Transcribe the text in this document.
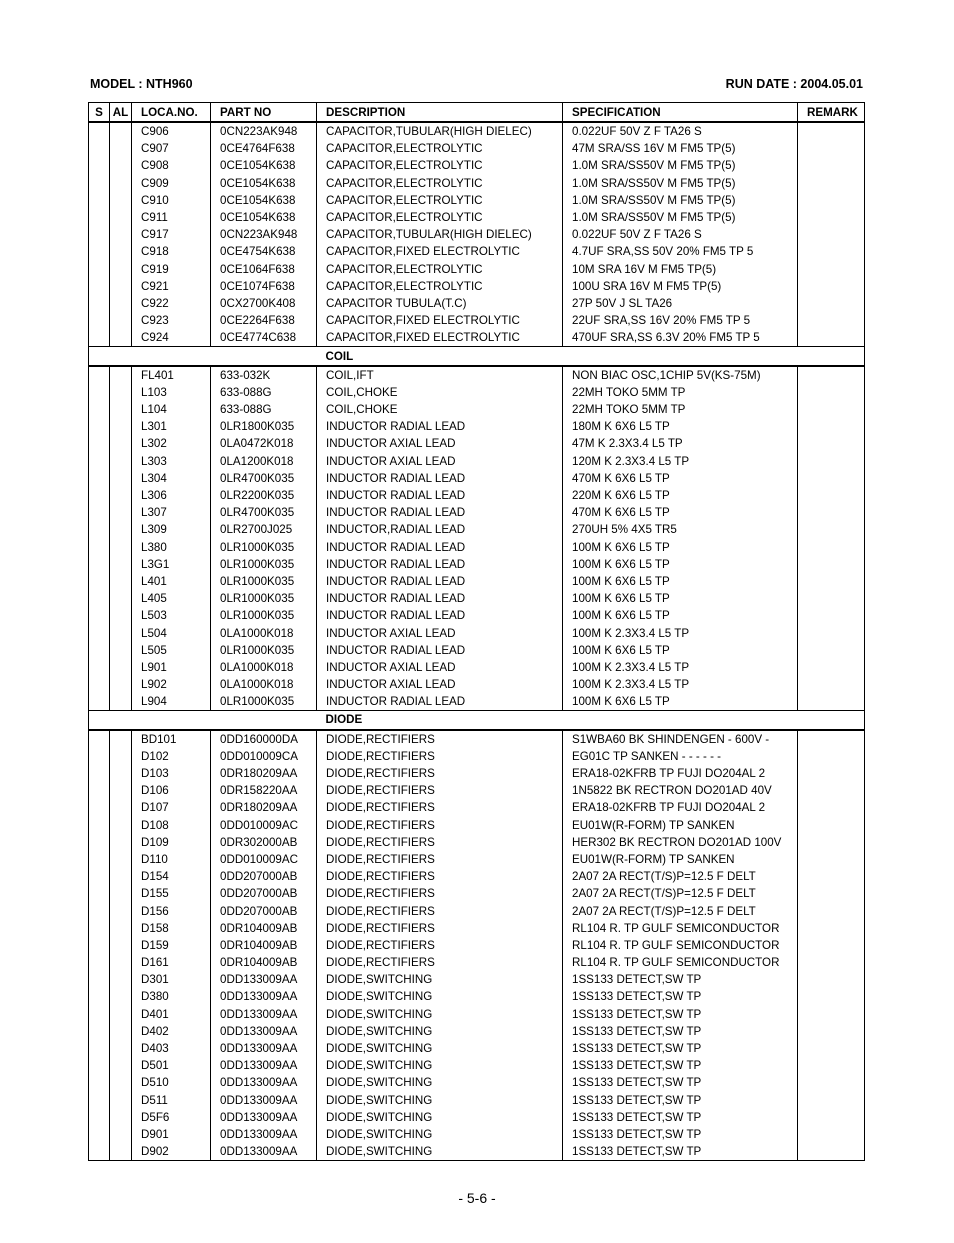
MODEL : NTH960	RUN DATE : 2004.05.01
S	AL	LOCA.NO.	PART NO	DESCRIPTION	SPECIFICATION	REMARK
		C906	0CN223AK948	CAPACITOR,TUBULAR(HIGH DIELEC)	0.022UF 50V Z F TA26 S	
		C907	0CE4764F638	CAPACITOR,ELECTROLYTIC	47M SRA/SS 16V M FM5 TP(5)	
		C908	0CE1054K638	CAPACITOR,ELECTROLYTIC	1.0M SRA/SS50V M FM5 TP(5)	
		C909	0CE1054K638	CAPACITOR,ELECTROLYTIC	1.0M SRA/SS50V M FM5 TP(5)	
		C910	0CE1054K638	CAPACITOR,ELECTROLYTIC	1.0M SRA/SS50V M FM5 TP(5)	
		C911	0CE1054K638	CAPACITOR,ELECTROLYTIC	1.0M SRA/SS50V M FM5 TP(5)	
		C917	0CN223AK948	CAPACITOR,TUBULAR(HIGH DIELEC)	0.022UF 50V Z F TA26 S	
		C918	0CE4754K638	CAPACITOR,FIXED ELECTROLYTIC	4.7UF SRA,SS 50V 20% FM5 TP 5	
		C919	0CE1064F638	CAPACITOR,ELECTROLYTIC	10M SRA 16V M FM5 TP(5)	
		C921	0CE1074F638	CAPACITOR,ELECTROLYTIC	100U SRA 16V M FM5 TP(5)	
		C922	0CX2700K408	CAPACITOR TUBULA(T.C)	27P 50V J SL TA26	
		C923	0CE2264F638	CAPACITOR,FIXED ELECTROLYTIC	22UF SRA,SS 16V 20% FM5 TP 5	
		C924	0CE4774C638	CAPACITOR,FIXED ELECTROLYTIC	470UF SRA,SS 6.3V 20% FM5 TP 5	
				COIL		
		FL401	633-032K	COIL,IFT	NON BIAC OSC,1CHIP 5V(KS-75M)	
		L103	633-088G	COIL,CHOKE	22MH TOKO 5MM TP	
		L104	633-088G	COIL,CHOKE	22MH TOKO 5MM TP	
		L301	0LR1800K035	INDUCTOR RADIAL LEAD	180M K 6X6 L5 TP	
		L302	0LA0472K018	INDUCTOR AXIAL LEAD	47M K 2.3X3.4 L5 TP	
		L303	0LA1200K018	INDUCTOR AXIAL LEAD	120M K 2.3X3.4 L5 TP	
		L304	0LR4700K035	INDUCTOR RADIAL LEAD	470M K 6X6 L5 TP	
		L306	0LR2200K035	INDUCTOR RADIAL LEAD	220M K 6X6 L5 TP	
		L307	0LR4700K035	INDUCTOR RADIAL LEAD	470M K 6X6 L5 TP	
		L309	0LR2700J025	INDUCTOR,RADIAL LEAD	270UH 5% 4X5 TR5	
		L380	0LR1000K035	INDUCTOR RADIAL LEAD	100M K 6X6 L5 TP	
		L3G1	0LR1000K035	INDUCTOR RADIAL LEAD	100M K 6X6 L5 TP	
		L401	0LR1000K035	INDUCTOR RADIAL LEAD	100M K 6X6 L5 TP	
		L405	0LR1000K035	INDUCTOR RADIAL LEAD	100M K 6X6 L5 TP	
		L503	0LR1000K035	INDUCTOR RADIAL LEAD	100M K 6X6 L5 TP	
		L504	0LA1000K018	INDUCTOR AXIAL LEAD	100M K 2.3X3.4 L5 TP	
		L505	0LR1000K035	INDUCTOR RADIAL LEAD	100M K 6X6 L5 TP	
		L901	0LA1000K018	INDUCTOR AXIAL LEAD	100M K 2.3X3.4 L5 TP	
		L902	0LA1000K018	INDUCTOR AXIAL LEAD	100M K 2.3X3.4 L5 TP	
		L904	0LR1000K035	INDUCTOR RADIAL LEAD	100M K 6X6 L5 TP	
				DIODE		
		BD101	0DD160000DA	DIODE,RECTIFIERS	S1WBA60 BK SHINDENGEN - 600V -	
		D102	0DD010009CA	DIODE,RECTIFIERS	EG01C TP SANKEN - - - - - -	
		D103	0DR180209AA	DIODE,RECTIFIERS	ERA18-02KFRB TP FUJI DO204AL 2	
		D106	0DR158220AA	DIODE,RECTIFIERS	1N5822 BK RECTRON DO201AD 40V	
		D107	0DR180209AA	DIODE,RECTIFIERS	ERA18-02KFRB TP FUJI DO204AL 2	
		D108	0DD010009AC	DIODE,RECTIFIERS	EU01W(R-FORM) TP SANKEN	
		D109	0DR302000AB	DIODE,RECTIFIERS	HER302 BK RECTRON DO201AD 100V	
		D110	0DD010009AC	DIODE,RECTIFIERS	EU01W(R-FORM) TP SANKEN	
		D154	0DD207000AB	DIODE,RECTIFIERS	2A07 2A RECT(T/S)P=12.5 F DELT	
		D155	0DD207000AB	DIODE,RECTIFIERS	2A07 2A RECT(T/S)P=12.5 F DELT	
		D156	0DD207000AB	DIODE,RECTIFIERS	2A07 2A RECT(T/S)P=12.5 F DELT	
		D158	0DR104009AB	DIODE,RECTIFIERS	RL104 R. TP GULF SEMICONDUCTOR	
		D159	0DR104009AB	DIODE,RECTIFIERS	RL104 R. TP GULF SEMICONDUCTOR	
		D161	0DR104009AB	DIODE,RECTIFIERS	RL104 R. TP GULF SEMICONDUCTOR	
		D301	0DD133009AA	DIODE,SWITCHING	1SS133 DETECT,SW TP	
		D380	0DD133009AA	DIODE,SWITCHING	1SS133 DETECT,SW TP	
		D401	0DD133009AA	DIODE,SWITCHING	1SS133 DETECT,SW TP	
		D402	0DD133009AA	DIODE,SWITCHING	1SS133 DETECT,SW TP	
		D403	0DD133009AA	DIODE,SWITCHING	1SS133 DETECT,SW TP	
		D501	0DD133009AA	DIODE,SWITCHING	1SS133 DETECT,SW TP	
		D510	0DD133009AA	DIODE,SWITCHING	1SS133 DETECT,SW TP	
		D511	0DD133009AA	DIODE,SWITCHING	1SS133 DETECT,SW TP	
		D5F6	0DD133009AA	DIODE,SWITCHING	1SS133 DETECT,SW TP	
		D901	0DD133009AA	DIODE,SWITCHING	1SS133 DETECT,SW TP	
		D902	0DD133009AA	DIODE,SWITCHING	1SS133 DETECT,SW TP	
- 5-6 -
